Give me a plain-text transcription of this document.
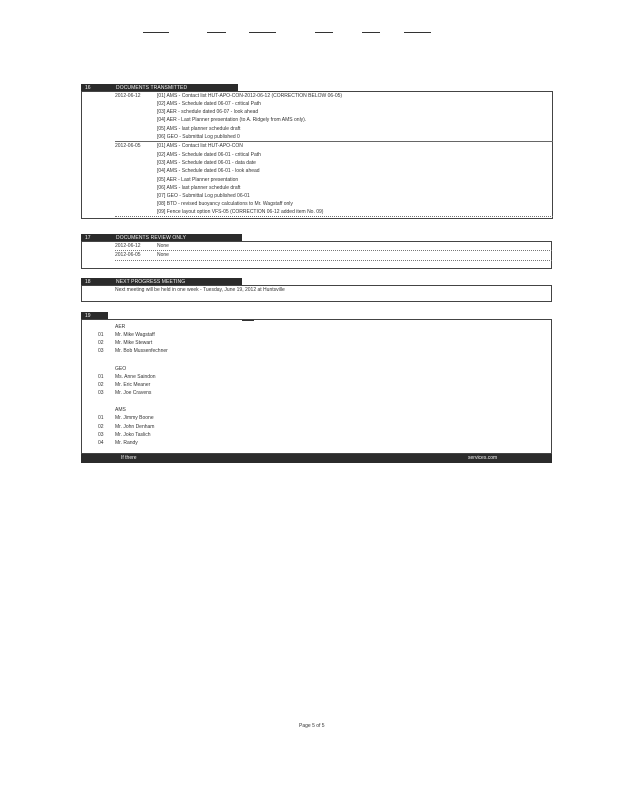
16	DOCUMENTS TRANSMITTED
2012-06-12	[01] AMS - Contact list HUT-APO-CON-2012-06-12 (CORRECTION BELOW 06-05)
[02] AMS - Schedule dated 06-07 - critical Path
[03] AER - schedule dated 06-07 - look ahead
[04] AER - Last Planner presentation (to A. Ridgely from AMS only).
[05] AMS - last planner schedule draft
[06] GEO - Submittal Log published 0
2012-06-05	[01] AMS - Contact list HUT-APO-CON
[02] AMS - Schedule dated 06-01 - critical Path
[03] AMS - Schedule dated 06-01 - data date
[04] AMS - Schedule dated 06-01 - look ahead
[05] AER - Last Planner presentation
[06] AMS - last planner schedule draft
[07] GEO - Submittal Log published 06-01
[08] BTD - revised buoyancy calculations to Mr. Wagstaff only
[09] Fence layout option VFS-05 (CORRECTION 06-12 added item No. 09)
17	DOCUMENTS REVIEW ONLY
2012-06-12	None
2012-06-05	None
18	NEXT PROGRESS MEETING
Next meeting will be held in one week - Tuesday, June 19, 2012 at Huntsville
19
AER
01 Mr. Mike Wagstaff
02 Mr. Mike Stewart
03 Mr. Bob Mussenfechner
GEO
01 Ms. Anne Saindon
02 Mr. Eric Meaner
03 Mr. Joe Cravens
AMS
01 Mr. Jimmy Boone
02 Mr. John Denham
03 Mr. Joko Taslich
04 Mr. Randy
If there	services.com
Page 5 of 5
